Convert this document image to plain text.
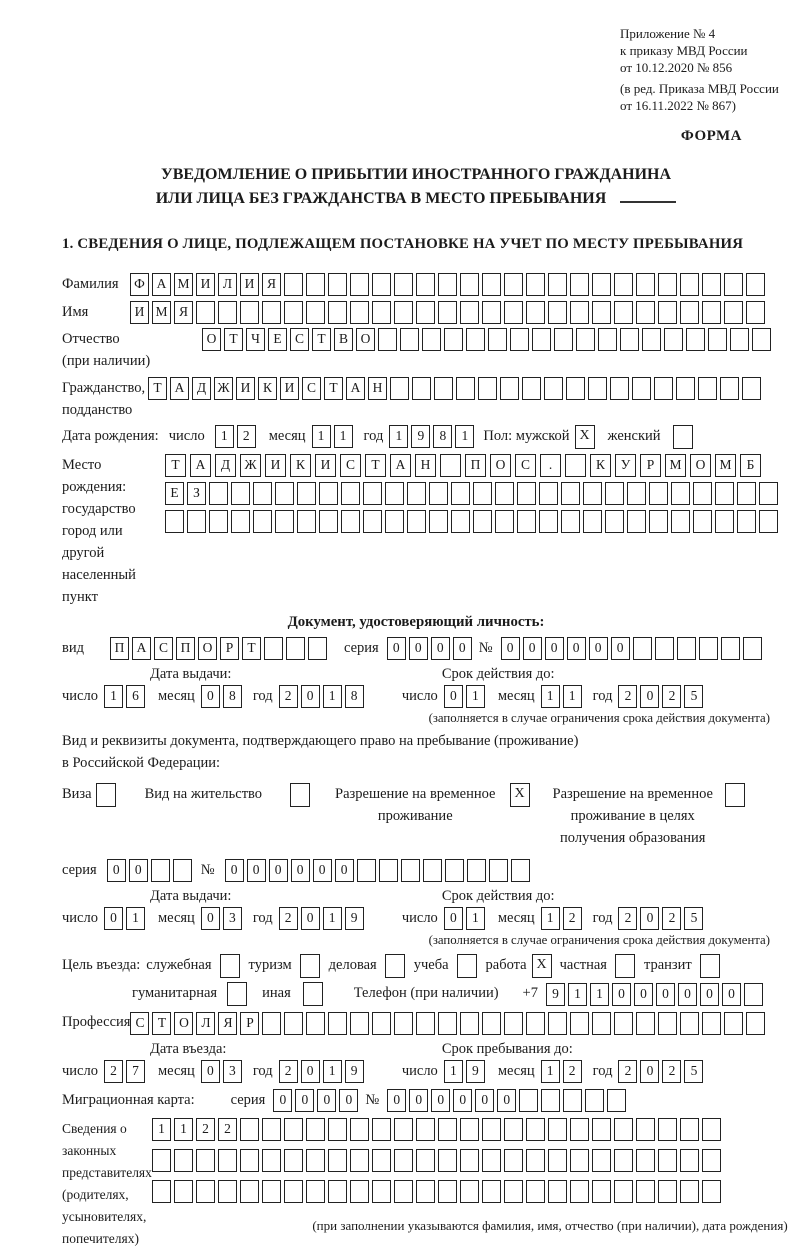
Приложение № 4
к приказу МВД России
от 10.12.2020 № 856
(в ред. Приказа МВД России
от 16.11.2022 № 867)
ФОРМА
УВЕДОМЛЕНИЕ О ПРИБЫТИИ ИНОСТРАННОГО ГРАЖДАНИНА
ИЛИ ЛИЦА БЕЗ ГРАЖДАНСТВА В МЕСТО ПРЕБЫВАНИЯ
1. СВЕДЕНИЯ О ЛИЦЕ, ПОДЛЕЖАЩЕМ ПОСТАНОВКЕ НА УЧЕТ ПО МЕСТУ ПРЕБЫВАНИЯ
Фамилия	Ф А М И Л И Я
Имя	И М Я
Отчество
(при наличии)
О Т Ч Е С Т В О
Гражданство,
подданство
Т А Д Ж И К И С Т А Н
Дата рождения: число	1 2	месяц 1 1	год 1 9 8 1	Пол: мужской X	женский
Место рождения:
государство
город или другой
населенный пункт
Т	А	Д	Ж	И	К	И	С	Т	А	Н	П	О	С	.	К	У	Р	М	О	М	Б
Е	З
Документ, удостоверяющий личность:
вид	П А С П О Р Т	серия	0 0 0 0 №	0 0 0 0 0 0
Дата выдачи:	Срок действия до:
число 1 6	месяц 0 8	год 2 0 1 8	число 0 1	месяц 1 1	год 2 0 2 5
(заполняется в случае ограничения срока действия документа)
Вид и реквизиты документа, подтверждающего право на пребывание (проживание)
в Российской Федерации:
Виза	Вид на жительство	Разрешение на временное
проживание
X	Разрешение на временное
проживание в целях
получения образования
серия	0 0	№	0 0 0 0 0 0
Дата выдачи:	Срок действия до:
число 0 1	месяц 0 3	год 2 0 1 9	число 0 1	месяц 1 2	год 2 0 2 5
(заполняется в случае ограничения срока действия документа)
Цель въезда: служебная	туризм	деловая	учеба	работа X частная	транзит
гуманитарная	иная	Телефон (при наличии) +7	9 1 1 0 0 0 0 0 0
Профессия С Т О Л Я Р
Дата въезда:	Срок пребывания до:
число 2 7	месяц 0 3	год 2 0 1 9	число 1 9	месяц 1 2	год 2 0 2 5
Миграционная карта: серия	0 0 0 0 №	0 0 0 0 0 0
Сведения о
законных
представителях
(родителях,
усыновителях,
попечителях)
1	1	2	2
(при заполнении указываются фамилия, имя, отчество (при наличии), дата рождения)
